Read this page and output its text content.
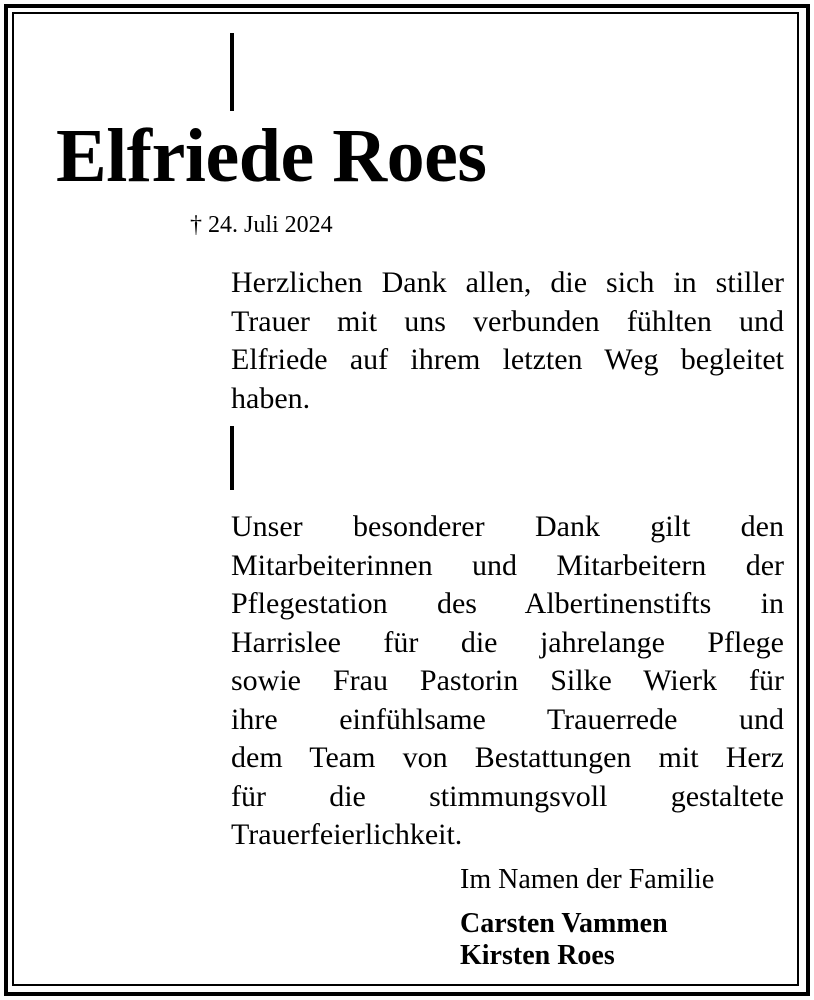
Elfriede Roes
† 24. Juli 2024
Herzlichen Dank allen, die sich in stiller
Trauer mit uns verbunden fühlten und
Elfriede auf ihrem letzten Weg begleitet
haben.
Unser besonderer Dank gilt den
Mitarbeiterinnen und Mitarbeitern der
Pflegestation des Albertinenstifts in
Harrislee für die jahrelange Pflege
sowie Frau Pastorin Silke Wierk für
ihre einfühlsame Trauerrede und
dem Team von Bestattungen mit Herz
für die stimmungsvoll gestaltete
Trauerfeierlichkeit.
Im Namen der Familie
Carsten Vammen
Kirsten Roes
